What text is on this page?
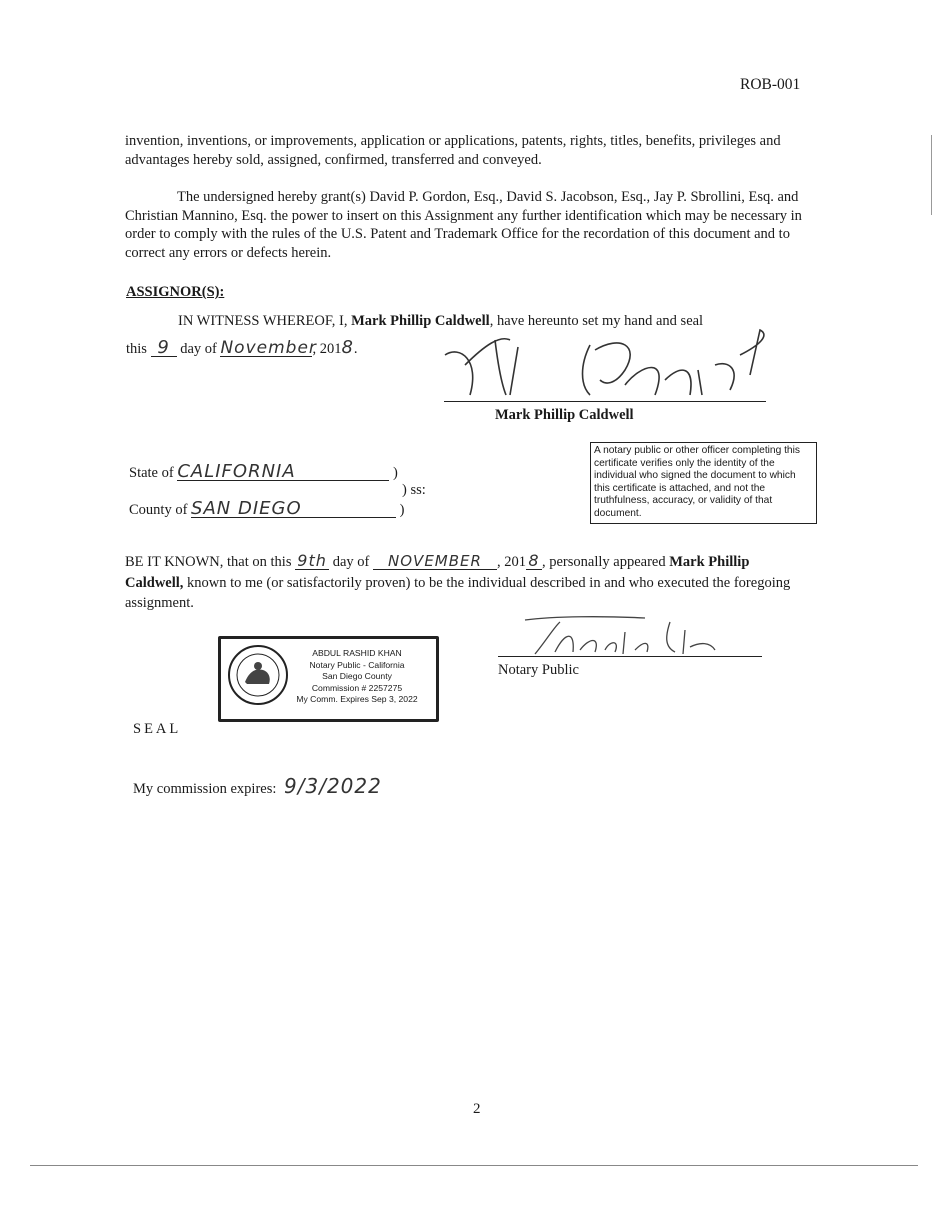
ROB-001
invention, inventions, or improvements, application or applications, patents, rights, titles, benefits, privileges and advantages hereby sold, assigned, confirmed, transferred and conveyed.
The undersigned hereby grant(s) David P. Gordon, Esq., David S. Jacobson, Esq., Jay P. Sbrollini, Esq. and Christian Mannino, Esq. the power to insert on this Assignment any further identification which may be necessary in order to comply with the rules of the U.S. Patent and Trademark Office for the recordation of this document and to correct any errors or defects herein.
ASSIGNOR(S):
IN WITNESS WHEREOF, I, Mark Phillip Caldwell, have hereunto set my hand and seal
this 9 day of November, 2018.
Mark Phillip Caldwell
State of CALIFORNIA	)
) ss:
County of SAN DIEGO	)
A notary public or other officer completing this certificate verifies only the identity of the individual who signed the document to which this certificate is attached, and not the truthfulness, accuracy, or validity of that document.
BE IT KNOWN, that on this 9th day of NOVEMBER , 201 8 , personally appeared Mark Phillip Caldwell, known to me (or satisfactorily proven) to be the individual described in and who executed the foregoing assignment.
ABDUL RASHID KHAN
Notary Public - California
San Diego County
Commission # 2257275
My Comm. Expires Sep 3, 2022
Notary Public
SEAL
My commission expires: 9/3/2022
2
